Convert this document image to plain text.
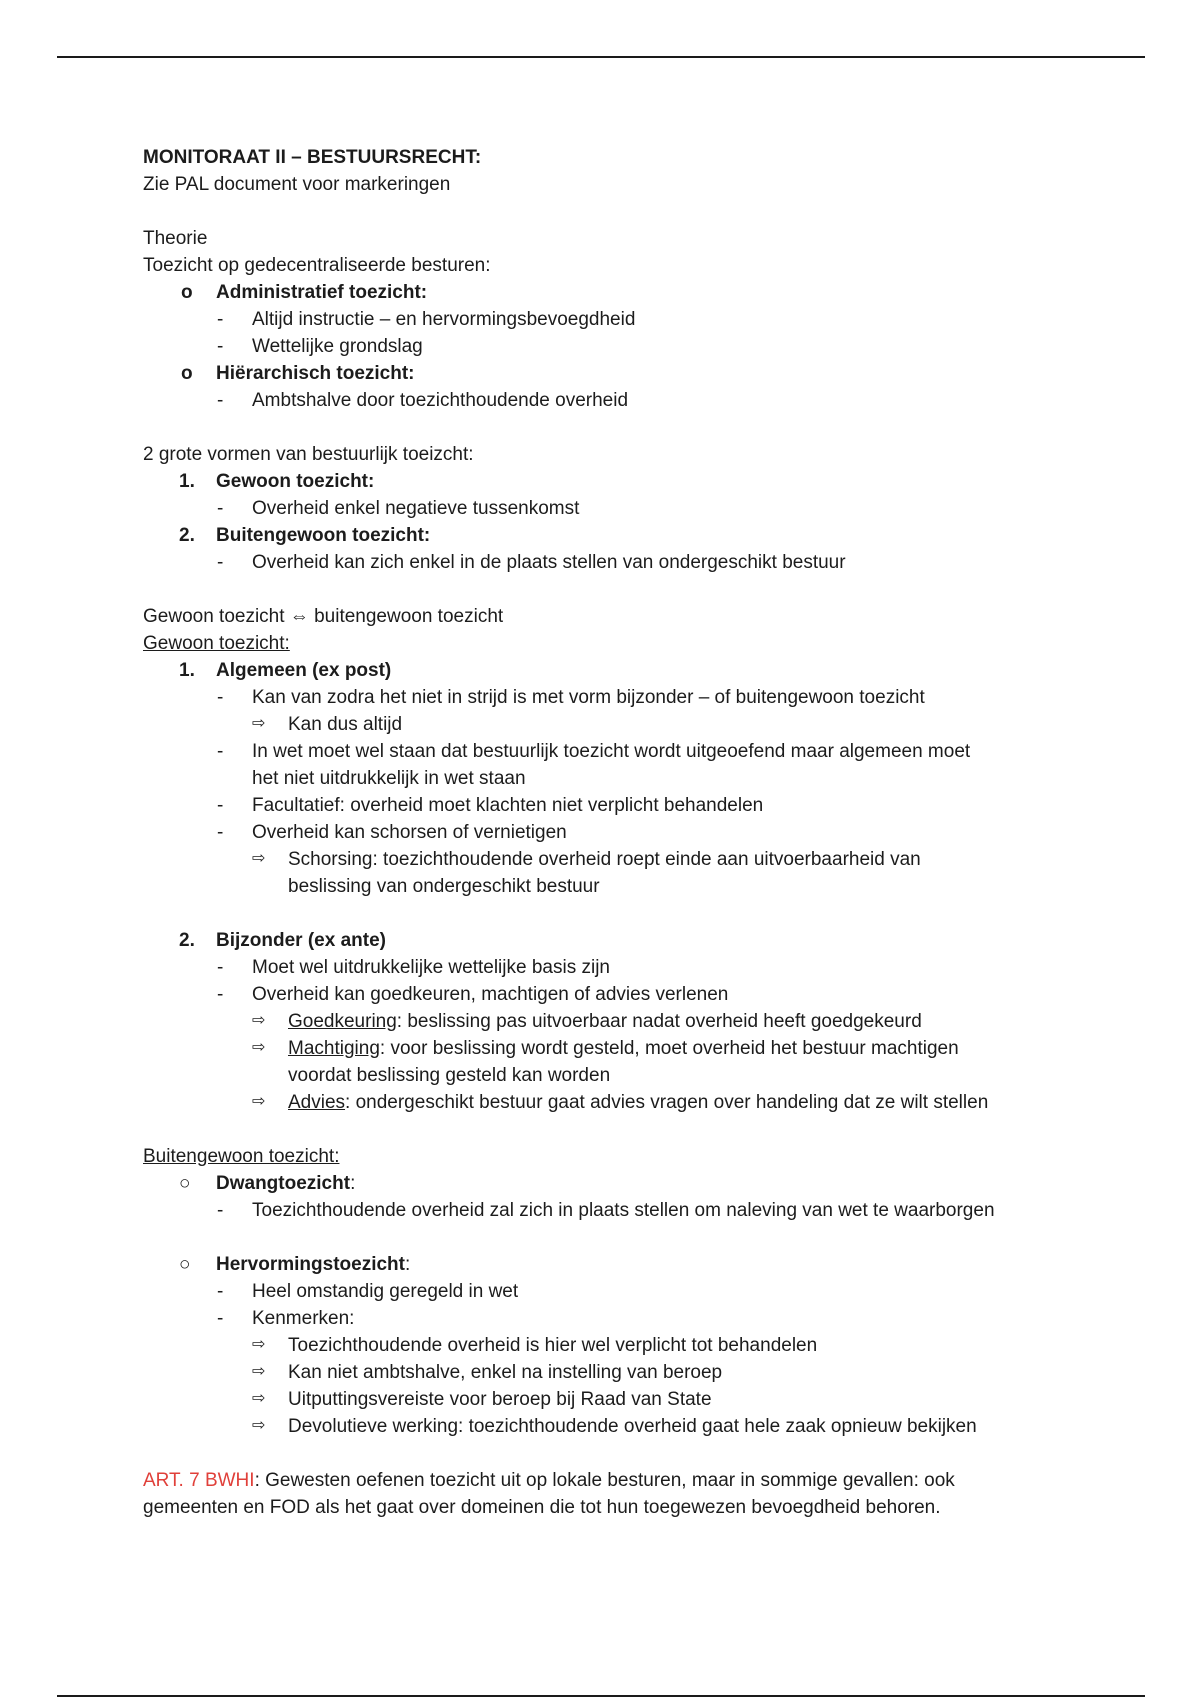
MONITORAAT II – BESTUURSRECHT:
Zie PAL document voor markeringen
Theorie
Toezicht op gedecentraliseerde besturen:
o Administratief toezicht:
- Altijd instructie – en hervormingsbevoegdheid
- Wettelijke grondslag
o Hiërarchisch toezicht:
- Ambtshalve door toezichthoudende overheid
2 grote vormen van bestuurlijk toeizcht:
1. Gewoon toezicht:
- Overheid enkel negatieve tussenkomst
2. Buitengewoon toezicht:
- Overheid kan zich enkel in de plaats stellen van ondergeschikt bestuur
Gewoon toezicht ⇔ buitengewoon toezicht
Gewoon toezicht:
1. Algemeen (ex post)
- Kan van zodra het niet in strijd is met vorm bijzonder – of buitengewoon toezicht
⇨ Kan dus altijd
- In wet moet wel staan dat bestuurlijk toezicht wordt uitgeoefend maar algemeen moet
het niet uitdrukkelijk in wet staan
- Facultatief: overheid moet klachten niet verplicht behandelen
- Overheid kan schorsen of vernietigen
⇨ Schorsing: toezichthoudende overheid roept einde aan uitvoerbaarheid van
beslissing van ondergeschikt bestuur
2. Bijzonder (ex ante)
- Moet wel uitdrukkelijke wettelijke basis zijn
- Overheid kan goedkeuren, machtigen of advies verlenen
⇨ Goedkeuring: beslissing pas uitvoerbaar nadat overheid heeft goedgekeurd
⇨ Machtiging: voor beslissing wordt gesteld, moet overheid het bestuur machtigen
voordat beslissing gesteld kan worden
⇨ Advies: ondergeschikt bestuur gaat advies vragen over handeling dat ze wilt stellen
Buitengewoon toezicht:
○ Dwangtoezicht:
- Toezichthoudende overheid zal zich in plaats stellen om naleving van wet te waarborgen
○ Hervormingstoezicht:
- Heel omstandig geregeld in wet
- Kenmerken:
⇨ Toezichthoudende overheid is hier wel verplicht tot behandelen
⇨ Kan niet ambtshalve, enkel na instelling van beroep
⇨ Uitputtingsvereiste voor beroep bij Raad van State
⇨ Devolutieve werking: toezichthoudende overheid gaat hele zaak opnieuw bekijken
ART. 7 BWHI: Gewesten oefenen toezicht uit op lokale besturen, maar in sommige gevallen: ook
gemeenten en FOD als het gaat over domeinen die tot hun toegewezen bevoegdheid behoren.
